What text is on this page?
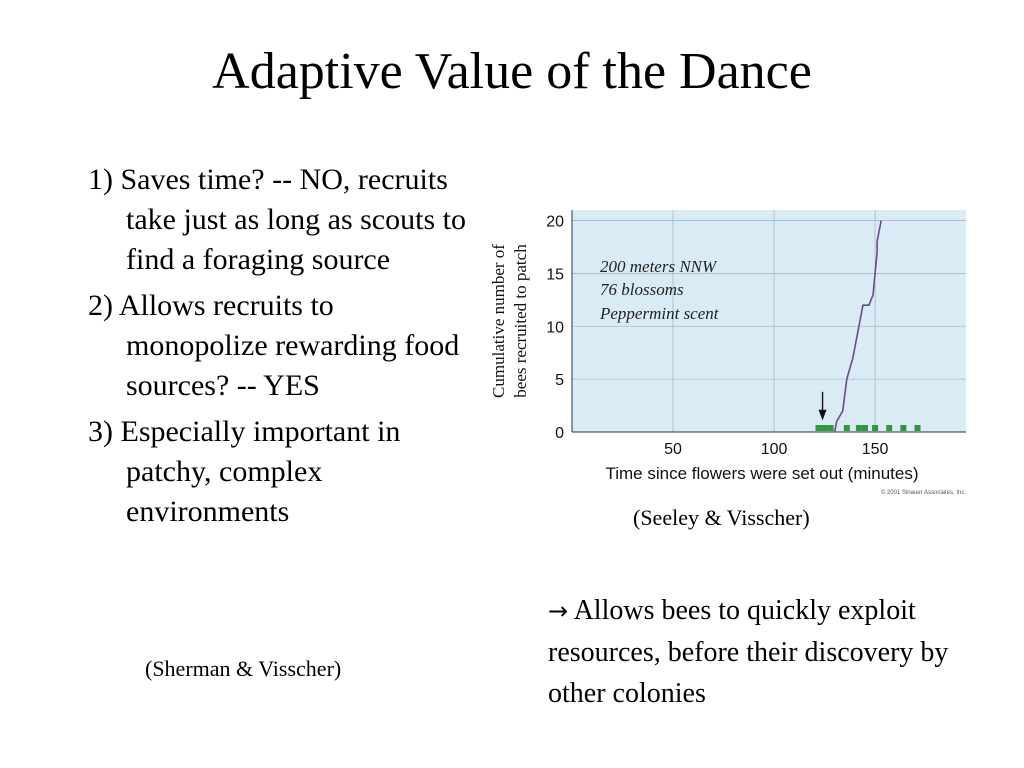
Adaptive Value of the Dance
1) Saves time? -- NO, recruits take just as long as scouts to find a foraging source
2) Allows recruits to monopolize rewarding food sources? -- YES
3) Especially important in patchy, complex environments
(Sherman & Visscher)
50	100	150
0
5
10
15
20
200 meters NNW
76 blossoms
Peppermint scent
Cumulative number of bees recruited to patch
Time since flowers were set out (minutes)
© 2001 Sinauer Associates, Inc.
(Seeley & Visscher)
→ Allows bees to quickly exploit resources, before their discovery by other colonies
